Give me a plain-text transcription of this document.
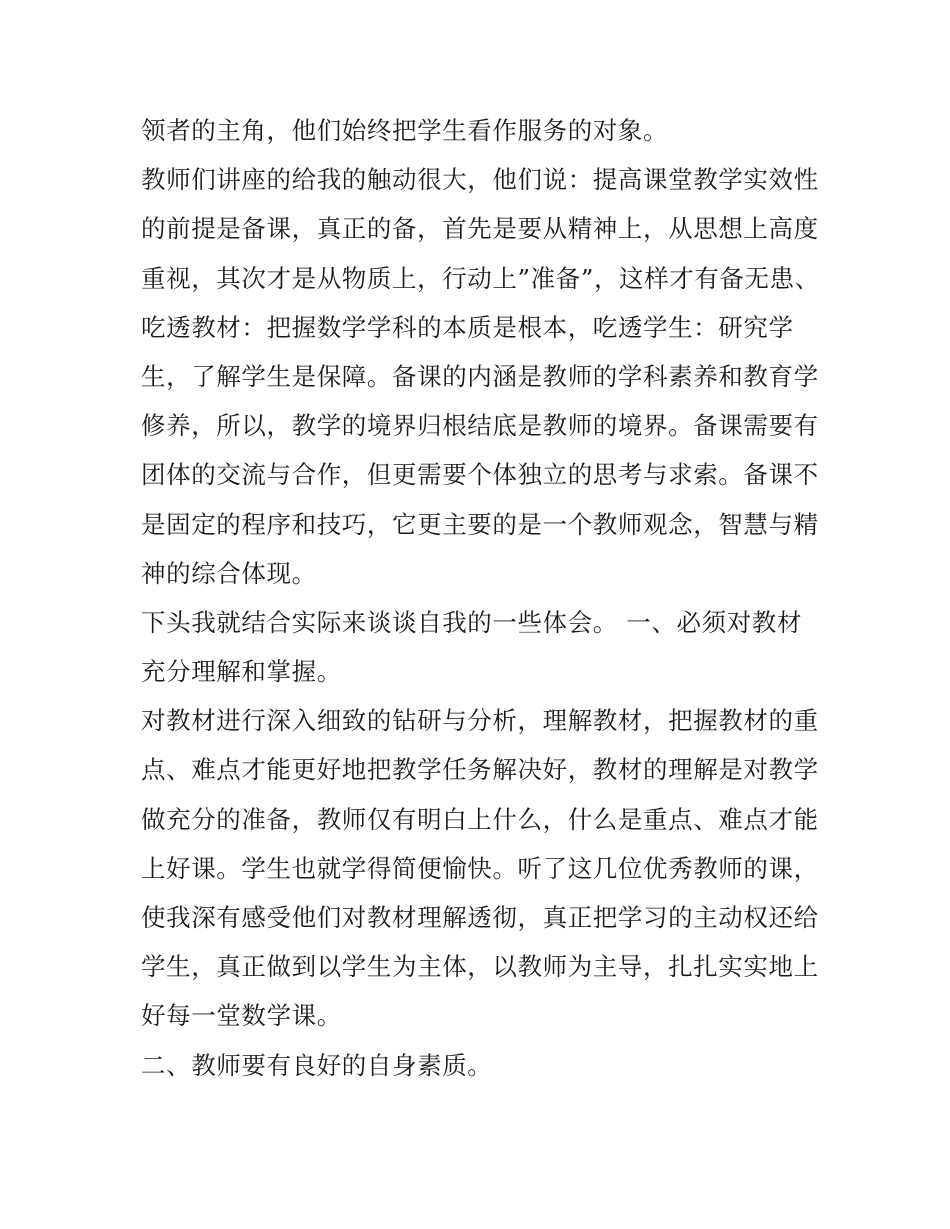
领者的主角，他们始终把学生看作服务的对象。
教师们讲座的给我的触动很大，他们说：提高课堂教学实效性
的前提是备课，真正的备，首先是要从精神上，从思想上高度
重视，其次才是从物质上，行动上”准备”，这样才有备无患、
吃透教材：把握数学学科的本质是根本，吃透学生：研究学
生，了解学生是保障。备课的内涵是教师的学科素养和教育学
修养，所以，教学的境界归根结底是教师的境界。备课需要有
团体的交流与合作，但更需要个体独立的思考与求索。备课不
是固定的程序和技巧，它更主要的是一个教师观念，智慧与精
神的综合体现。
下头我就结合实际来谈谈自我的一些体会。 一、必须对教材
充分理解和掌握。
对教材进行深入细致的钻研与分析，理解教材，把握教材的重
点、难点才能更好地把教学任务解决好，教材的理解是对教学
做充分的准备，教师仅有明白上什么，什么是重点、难点才能
上好课。学生也就学得简便愉快。听了这几位优秀教师的课，
使我深有感受他们对教材理解透彻，真正把学习的主动权还给
学生，真正做到以学生为主体，以教师为主导，扎扎实实地上
好每一堂数学课。
二、教师要有良好的自身素质。
